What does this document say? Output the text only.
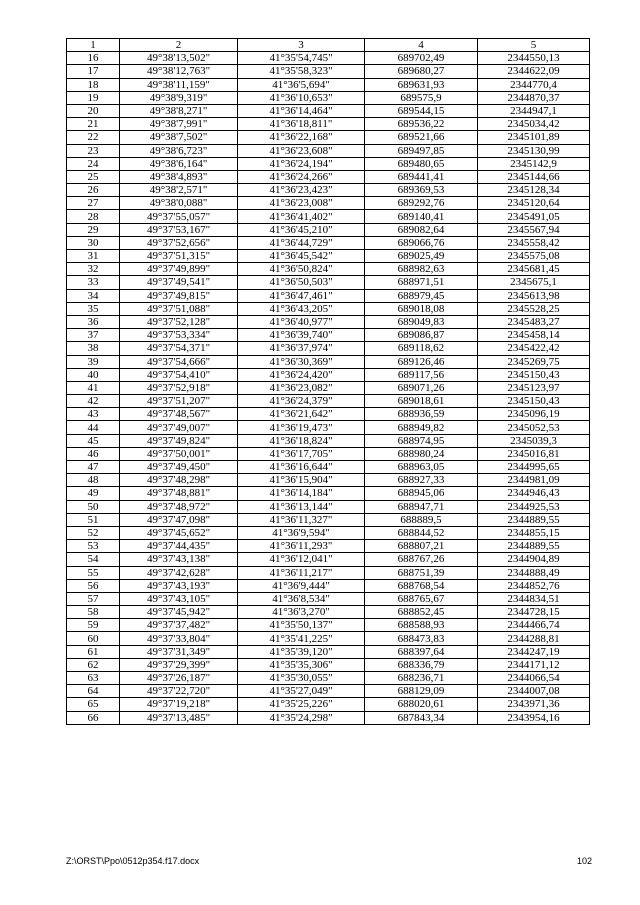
1	2	3	4	5
16	49°38'13,502"	41°35'54,745"	689702,49	2344550,13
17	49°38'12,763"	41°35'58,323"	689680,27	2344622,09
18	49°38'11,159"	41°36'5,694"	689631,93	2344770,4
19	49°38'9,319"	41°36'10,653"	689575,9	2344870,37
20	49°38'8,271"	41°36'14,464"	689544,15	2344947,1
21	49°38'7,991"	41°36'18,811"	689536,22	2345034,42
22	49°38'7,502"	41°36'22,168"	689521,66	2345101,89
23	49°38'6,723"	41°36'23,608"	689497,85	2345130,99
24	49°38'6,164"	41°36'24,194"	689480,65	2345142,9
25	49°38'4,893"	41°36'24,266"	689441,41	2345144,66
26	49°38'2,571"	41°36'23,423"	689369,53	2345128,34
27	49°38'0,088"	41°36'23,008"	689292,76	2345120,64
28	49°37'55,057"	41°36'41,402"	689140,41	2345491,05
29	49°37'53,167"	41°36'45,210"	689082,64	2345567,94
30	49°37'52,656"	41°36'44,729"	689066,76	2345558,42
31	49°37'51,315"	41°36'45,542"	689025,49	2345575,08
32	49°37'49,899"	41°36'50,824"	688982,63	2345681,45
33	49°37'49,541"	41°36'50,503"	688971,51	2345675,1
34	49°37'49,815"	41°36'47,461"	688979,45	2345613,98
35	49°37'51,088"	41°36'43,205"	689018,08	2345528,25
36	49°37'52,128"	41°36'40,977"	689049,83	2345483,27
37	49°37'53,334"	41°36'39,740"	689086,87	2345458,14
38	49°37'54,371"	41°36'37,974"	689118,62	2345422,42
39	49°37'54,666"	41°36'30,369"	689126,46	2345269,75
40	49°37'54,410"	41°36'24,420"	689117,56	2345150,43
41	49°37'52,918"	41°36'23,082"	689071,26	2345123,97
42	49°37'51,207"	41°36'24,379"	689018,61	2345150,43
43	49°37'48,567"	41°36'21,642"	688936,59	2345096,19
44	49°37'49,007"	41°36'19,473"	688949,82	2345052,53
45	49°37'49,824"	41°36'18,824"	688974,95	2345039,3
46	49°37'50,001"	41°36'17,705"	688980,24	2345016,81
47	49°37'49,450"	41°36'16,644"	688963,05	2344995,65
48	49°37'48,298"	41°36'15,904"	688927,33	2344981,09
49	49°37'48,881"	41°36'14,184"	688945,06	2344946,43
50	49°37'48,972"	41°36'13,144"	688947,71	2344925,53
51	49°37'47,098"	41°36'11,327"	688889,5	2344889,55
52	49°37'45,652"	41°36'9,594"	688844,52	2344855,15
53	49°37'44,435"	41°36'11,293"	688807,21	2344889,55
54	49°37'43,138"	41°36'12,041"	688767,26	2344904,89
55	49°37'42,628"	41°36'11,217"	688751,39	2344888,49
56	49°37'43,193"	41°36'9,444"	688768,54	2344852,76
57	49°37'43,105"	41°36'8,534"	688765,67	2344834,51
58	49°37'45,942"	41°36'3,270"	688852,45	2344728,15
59	49°37'37,482"	41°35'50,137"	688588,93	2344466,74
60	49°37'33,804"	41°35'41,225"	688473,83	2344288,81
61	49°37'31,349"	41°35'39,120"	688397,64	2344247,19
62	49°37'29,399"	41°35'35,306"	688336,79	2344171,12
63	49°37'26,187"	41°35'30,055"	688236,71	2344066,54
64	49°37'22,720"	41°35'27,049"	688129,09	2344007,08
65	49°37'19,218"	41°35'25,226"	688020,61	2343971,36
66	49°37'13,485"	41°35'24,298"	687843,34	2343954,16
Z:\ORST\Ppo\0512p354.f17.docx	102
